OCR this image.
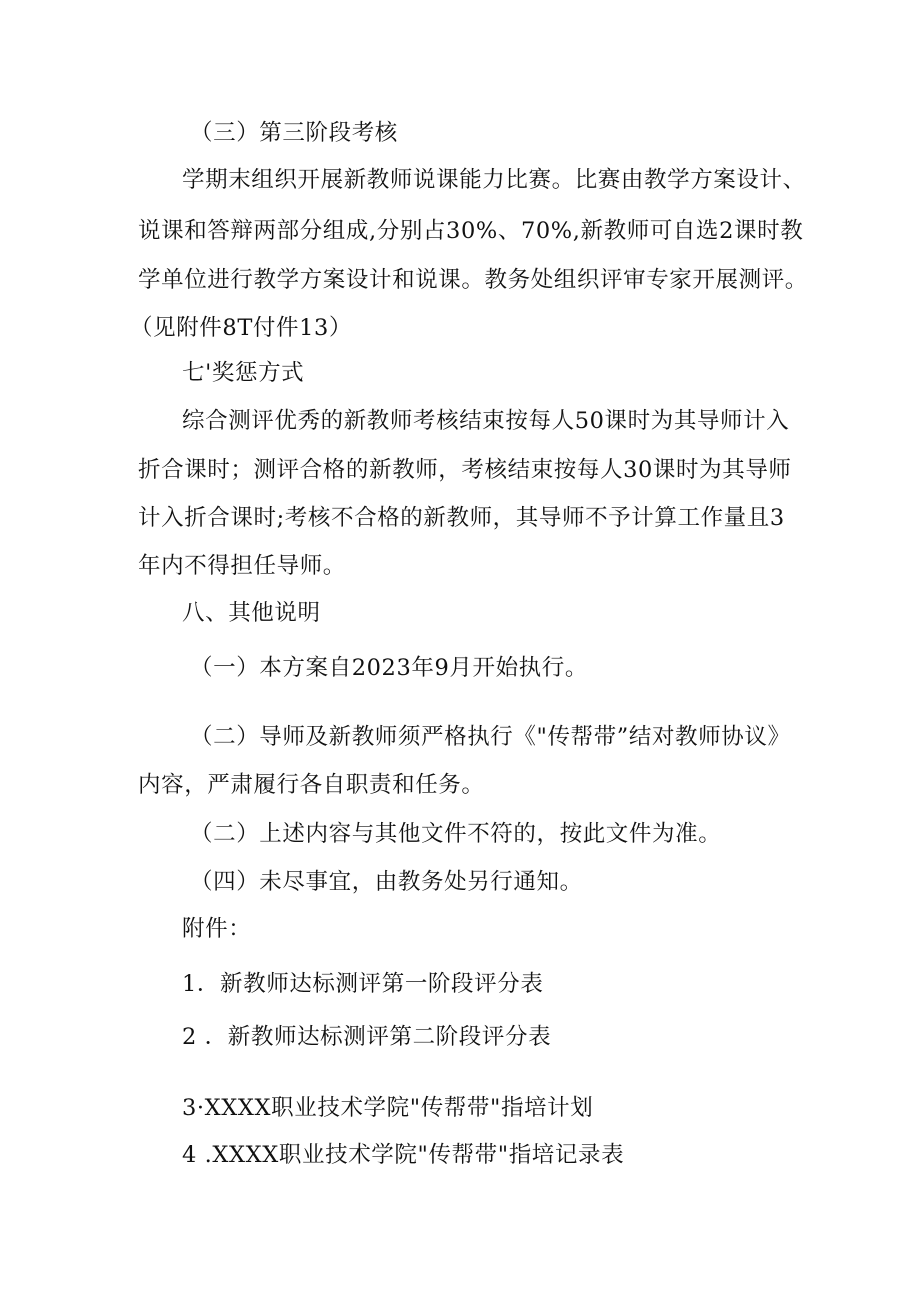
（三）第三阶段考核
学期末组织开展新教师说课能力比赛。比赛由教学方案设计、
说课和答辩两部分组成,分别占30%、70%,新教师可自选2课时教
学单位进行教学方案设计和说课。教务处组织评审专家开展测评。
（见附件8T付件13）
七'奖惩方式
综合测评优秀的新教师考核结束按每人50课时为其导师计入
折合课时；测评合格的新教师，考核结束按每人30课时为其导师
计入折合课时;考核不合格的新教师，其导师不予计算工作量且3
年内不得担任导师。
八、其他说明
（一）本方案自2023年9月开始执行。
（二）导师及新教师须严格执行《"传帮带”结对教师协议》
内容，严肃履行各自职责和任务。
（二）上述内容与其他文件不符的，按此文件为准。
（四）未尽事宜，由教务处另行通知。
附件：
1．新教师达标测评第一阶段评分表
2 ．新教师达标测评第二阶段评分表
3·XXXX职业技术学院"传帮带"指培计划
4 .XXXX职业技术学院"传帮带"指培记录表
